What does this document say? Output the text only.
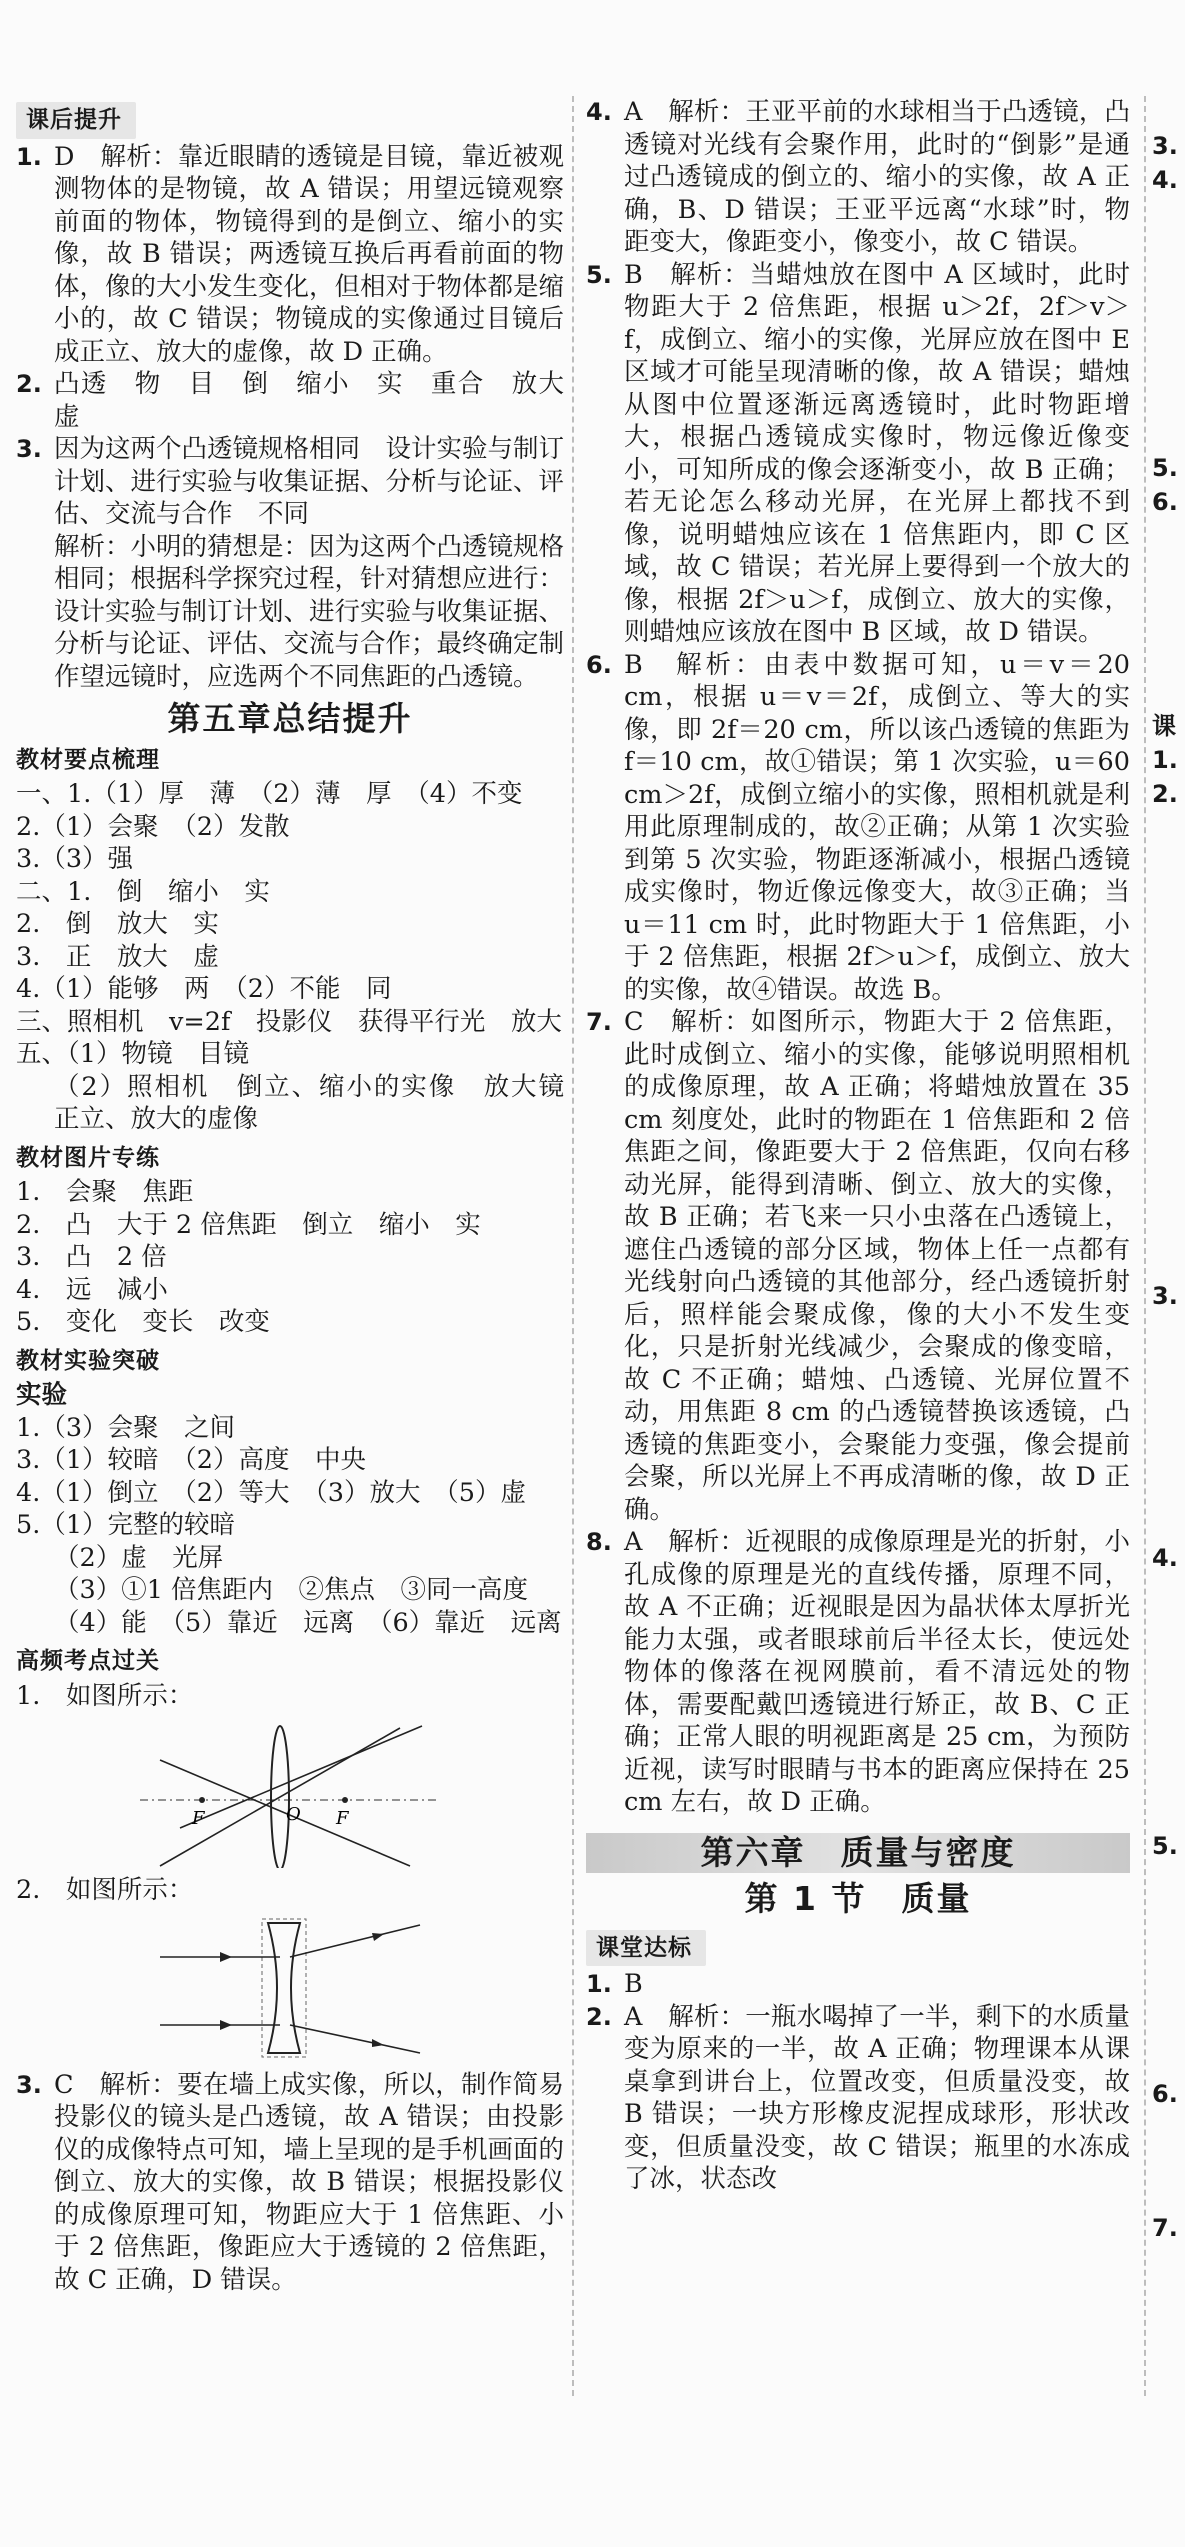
课后提升
1. D　解析：靠近眼睛的透镜是目镜，靠近被观测物体的是物镜，故 A 错误；用望远镜观察前面的物体，物镜得到的是倒立、缩小的实像，故 B 错误；两透镜互换后再看前面的物体，像的大小发生变化，但相对于物体都是缩小的，故 C 错误；物镜成的实像通过目镜后成正立、放大的虚像，故 D 正确。
2. 凸透　物　目　倒　缩小　实　重合　放大　虚
3. 因为这两个凸透镜规格相同　设计实验与制订计划、进行实验与收集证据、分析与论证、评估、交流与合作　不同
解析：小明的猜想是：因为这两个凸透镜规格相同；根据科学探究过程，针对猜想应进行：设计实验与制订计划、进行实验与收集证据、分析与论证、评估、交流与合作；最终确定制作望远镜时，应选两个不同焦距的凸透镜。
第五章总结提升
教材要点梳理
一、1.（1）厚　薄　（2）薄　厚　（4）不变
2.（1）会聚　（2）发散
3.（3）强
二、1.　倒　缩小　实
2.　倒　放大　实
3.　正　放大　虚
4.（1）能够　两　（2）不能　同
三、照相机　v=2f　投影仪　获得平行光　放大
五、（1）物镜　目镜
（2）照相机　倒立、缩小的实像　放大镜　正立、放大的虚像
教材图片专练
1.　会聚　焦距
2.　凸　大于 2 倍焦距　倒立　缩小　实
3.　凸　2 倍
4.　远　减小
5.　变化　变长　改变
教材实验突破
实验
1.（3）会聚　之间
3.（1）较暗　（2）高度　中央
4.（1）倒立　（2）等大　（3）放大　（5）虚
5.（1）完整的较暗
（2）虚　光屏
（3）①1 倍焦距内　②焦点　③同一高度
（4）能　（5）靠近　远离　（6）靠近　远离
高频考点过关
1.　如图所示：
F	O F
2.　如图所示：
3. C　解析：要在墙上成实像，所以，制作简易投影仪的镜头是凸透镜，故 A 错误；由投影仪的成像特点可知，墙上呈现的是手机画面的倒立、放大的实像，故 B 错误；根据投影仪的成像原理可知，物距应大于 1 倍焦距、小于 2 倍焦距，像距应大于透镜的 2 倍焦距，故 C 正确，D 错误。
4. A　解析：王亚平前的水球相当于凸透镜，凸透镜对光线有会聚作用，此时的“倒影”是通过凸透镜成的倒立的、缩小的实像，故 A 正确，B、D 错误；王亚平远离“水球”时，物距变大，像距变小，像变小，故 C 错误。
5. B　解析：当蜡烛放在图中 A 区域时，此时物距大于 2 倍焦距，根据 u＞2f，2f＞v＞f，成倒立、缩小的实像，光屏应放在图中 E 区域才可能呈现清晰的像，故 A 错误；蜡烛从图中位置逐渐远离透镜时，此时物距增大，根据凸透镜成实像时，物远像近像变小，可知所成的像会逐渐变小，故 B 正确；若无论怎么移动光屏，在光屏上都找不到像，说明蜡烛应该在 1 倍焦距内，即 C 区域，故 C 错误；若光屏上要得到一个放大的像，根据 2f＞u＞f，成倒立、放大的实像，则蜡烛应该放在图中 B 区域，故 D 错误。
6. B　解析：由表中数据可知，u＝v＝20 cm，根据 u＝v＝2f，成倒立、等大的实像，即 2f＝20 cm，所以该凸透镜的焦距为 f＝10 cm，故①错误；第 1 次实验，u＝60 cm＞2f，成倒立缩小的实像，照相机就是利用此原理制成的，故②正确；从第 1 次实验到第 5 次实验，物距逐渐减小，根据凸透镜成实像时，物近像远像变大，故③正确；当 u＝11 cm 时，此时物距大于 1 倍焦距，小于 2 倍焦距，根据 2f＞u＞f，成倒立、放大的实像，故④错误。故选 B。
7. C　解析：如图所示，物距大于 2 倍焦距，此时成倒立、缩小的实像，能够说明照相机的成像原理，故 A 正确；将蜡烛放置在 35 cm 刻度处，此时的物距在 1 倍焦距和 2 倍焦距之间，像距要大于 2 倍焦距，仅向右移动光屏，能得到清晰、倒立、放大的实像，故 B 正确；若飞来一只小虫落在凸透镜上，遮住凸透镜的部分区域，物体上任一点都有光线射向凸透镜的其他部分，经凸透镜折射后，照样能会聚成像，像的大小不发生变化，只是折射光线减少，会聚成的像变暗，故 C 不正确；蜡烛、凸透镜、光屏位置不动，用焦距 8 cm 的凸透镜替换该透镜，凸透镜的焦距变小，会聚能力变强，像会提前会聚，所以光屏上不再成清晰的像，故 D 正确。
8. A　解析：近视眼的成像原理是光的折射，小孔成像的原理是光的直线传播，原理不同，故 A 不正确；近视眼是因为晶状体太厚折光能力太强，或者眼球前后半径太长，使远处物体的像落在视网膜前，看不清远处的物体，需要配戴凹透镜进行矫正，故 B、C 正确；正常人眼的明视距离是 25 cm，为预防近视，读写时眼睛与书本的距离应保持在 25 cm 左右，故 D 正确。
第六章　质量与密度
第 1 节　质量
课堂达标
1. B
2. A　解析：一瓶水喝掉了一半，剩下的水质量变为原来的一半，故 A 正确；物理课本从课桌拿到讲台上，位置改变，但质量没变，故 B 错误；一块方形橡皮泥捏成球形，形状改变，但质量没变，故 C 错误；瓶里的水冻成了冰，状态改
3.
4.
5.
6.
课
1.
2.
3.
4.
5.
6.
7.
